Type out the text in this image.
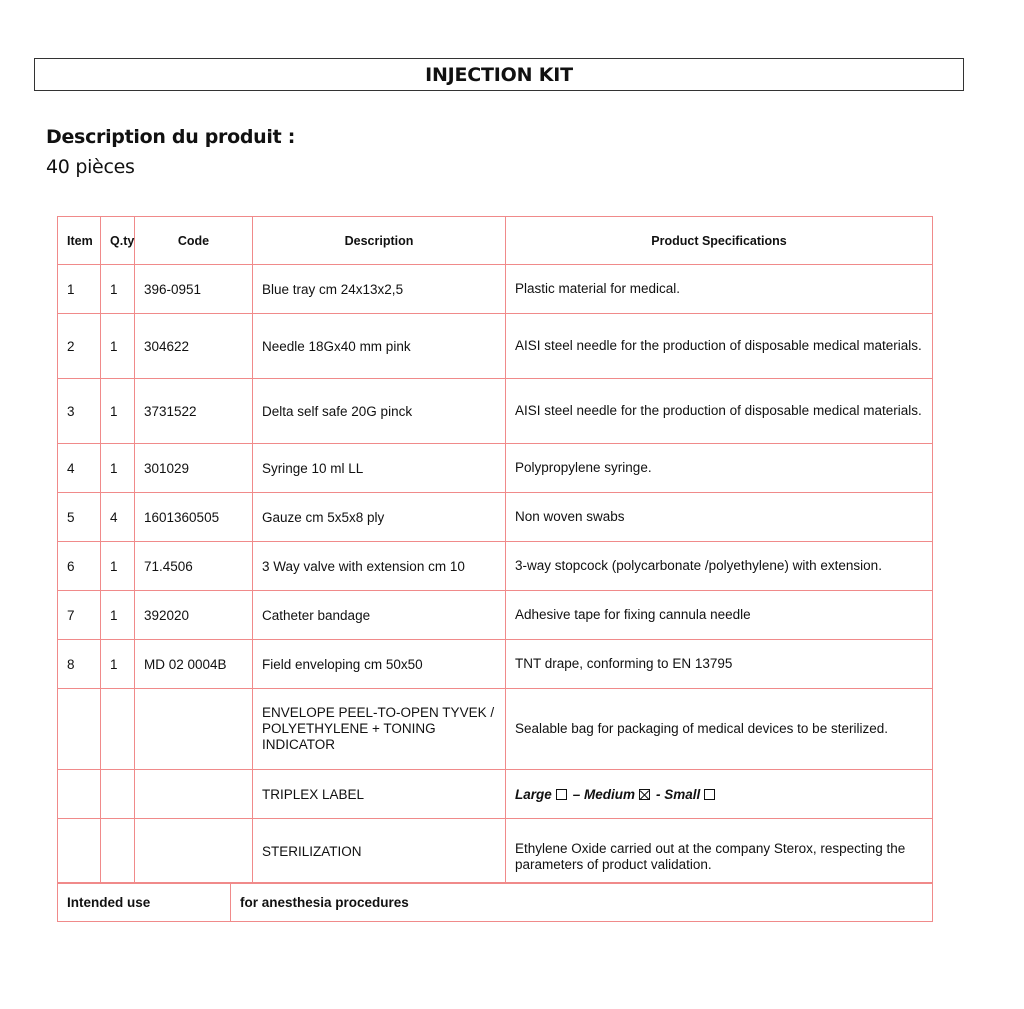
INJECTION KIT
Description du produit :
40 pièces
Item	Q.ty	Code	Description	Product Specifications
1	1	396-0951	Blue tray cm 24x13x2,5	Plastic material for medical.
2	1	304622	Needle 18Gx40 mm pink	AISI steel needle for the production of disposable medical materials.
3	1	3731522	Delta self safe 20G pinck	AISI steel needle for the production of disposable medical materials.
4	1	301029	Syringe 10 ml LL	Polypropylene syringe.
5	4	1601360505	Gauze cm 5x5x8 ply	Non woven swabs
6	1	71.4506	3 Way valve with extension cm 10	3-way stopcock (polycarbonate /polyethylene) with extension.
7	1	392020	Catheter bandage	Adhesive tape for fixing cannula needle
8	1	MD 02 0004B	Field enveloping cm 50x50	TNT drape, conforming to EN 13795
			ENVELOPE PEEL-TO-OPEN TYVEK / POLYETHYLENE + TONING INDICATOR	Sealable bag for packaging of medical devices to be sterilized.
			TRIPLEX LABEL	Large – Medium - Small
			STERILIZATION	Ethylene Oxide carried out at the company Sterox, respecting the parameters of product validation.
Intended use	for anesthesia procedures
